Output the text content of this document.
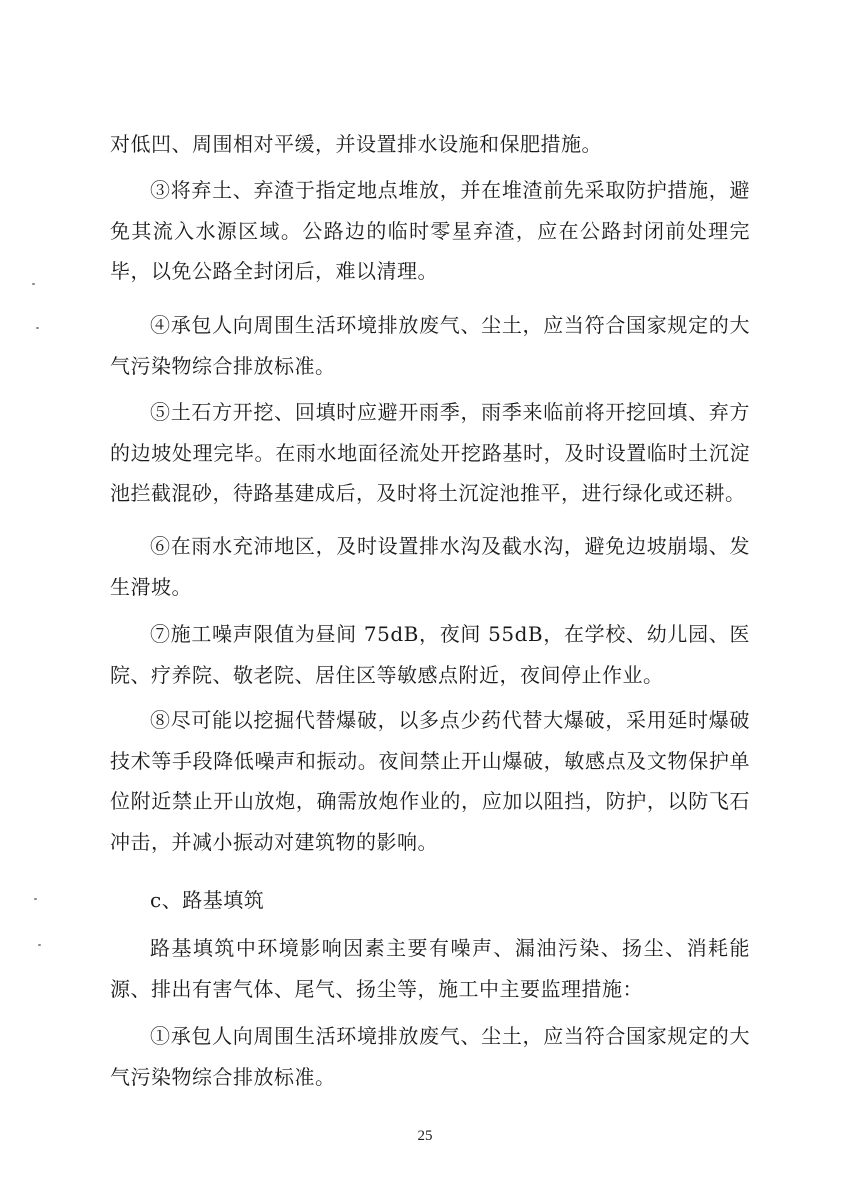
对低凹、周围相对平缓，并设置排水设施和保肥措施。

③将弃土、弃渣于指定地点堆放，并在堆渣前先采取防护措施，避免其流入水源区域。公路边的临时零星弃渣，应在公路封闭前处理完毕，以免公路全封闭后，难以清理。

④承包人向周围生活环境排放废气、尘土，应当符合国家规定的大气污染物综合排放标准。

⑤土石方开挖、回填时应避开雨季，雨季来临前将开挖回填、弃方的边坡处理完毕。在雨水地面径流处开挖路基时，及时设置临时土沉淀池拦截混砂，待路基建成后，及时将土沉淀池推平，进行绿化或还耕。

⑥在雨水充沛地区，及时设置排水沟及截水沟，避免边坡崩塌、发生滑坡。

⑦施工噪声限值为昼间 75dB，夜间 55dB，在学校、幼儿园、医院、疗养院、敬老院、居住区等敏感点附近，夜间停止作业。

⑧尽可能以挖掘代替爆破，以多点少药代替大爆破，采用延时爆破技术等手段降低噪声和振动。夜间禁止开山爆破，敏感点及文物保护单位附近禁止开山放炮，确需放炮作业的，应加以阻挡，防护，以防飞石冲击，并减小振动对建筑物的影响。

c、路基填筑

路基填筑中环境影响因素主要有噪声、漏油污染、扬尘、消耗能源、排出有害气体、尾气、扬尘等，施工中主要监理措施：

①承包人向周围生活环境排放废气、尘土，应当符合国家规定的大气污染物综合排放标准。

25
